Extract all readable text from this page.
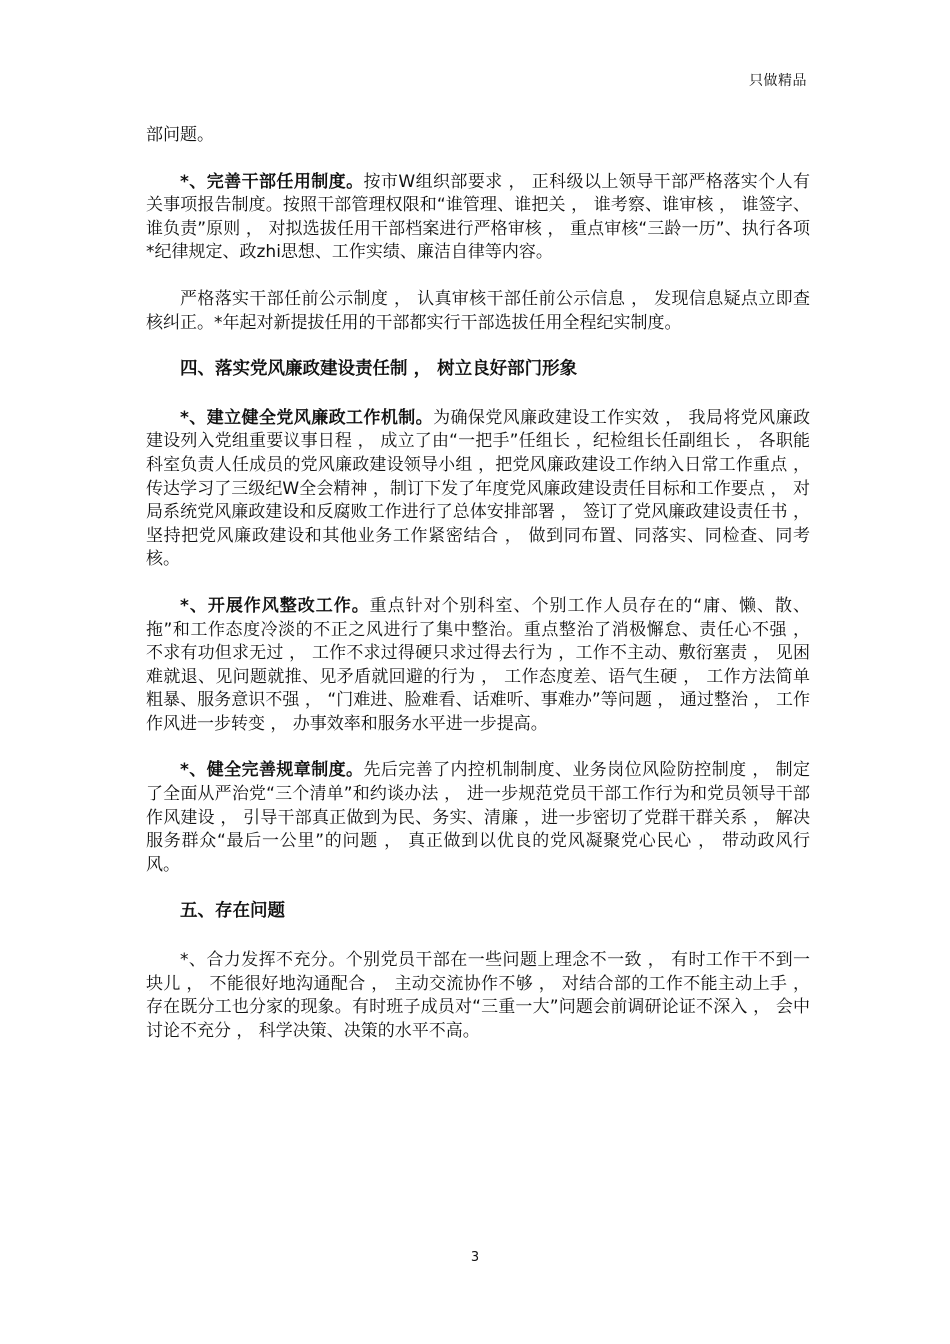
只做精品

部问题。

*、完善干部任用制度。按市W组织部要求 ， 正科级以上领导干部严格落实个人有关事项报告制度。按照干部管理权限和“谁管理、谁把关 ， 谁考察、谁审核 ， 谁签字、谁负责”原则 ， 对拟选拔任用干部档案进行严格审核 ， 重点审核“三龄一历”、执行各项*纪律规定、政zhi思想、工作实绩、廉洁自律等内容。

严格落实干部任前公示制度 ， 认真审核干部任前公示信息 ， 发现信息疑点立即查核纠正。*年起对新提拔任用的干部都实行干部选拔任用全程纪实制度。

四、落实党风廉政建设责任制 ， 树立良好部门形象

*、建立健全党风廉政工作机制。为确保党风廉政建设工作实效 ， 我局将党风廉政建设列入党组重要议事日程 ， 成立了由“一把手”任组长 ，纪检组长任副组长 ， 各职能科室负责人任成员的党风廉政建设领导小组 ，把党风廉政建设工作纳入日常工作重点 ， 传达学习了三级纪W全会精神 ，制订下发了年度党风廉政建设责任目标和工作要点 ， 对局系统党风廉政建设和反腐败工作进行了总体安排部署 ， 签订了党风廉政建设责任书 ， 坚持把党风廉政建设和其他业务工作紧密结合 ， 做到同布置、同落实、同检查、同考核。

*、开展作风整改工作。重点针对个别科室、个别工作人员存在的“庸、懒、散、拖”和工作态度冷淡的不正之风进行了集中整治。重点整治了消极懈怠、责任心不强 ， 不求有功但求无过 ， 工作不求过得硬只求过得去行为 ，工作不主动、敷衍塞责 ， 见困难就退、见问题就推、见矛盾就回避的行为 ， 工作态度差、语气生硬 ， 工作方法简单粗暴、服务意识不强 ， “门难进、脸难看、话难听、事难办”等问题 ， 通过整治 ， 工作作风进一步转变 ， 办事效率和服务水平进一步提高。

*、健全完善规章制度。先后完善了内控机制制度、业务岗位风险防控制度 ， 制定了全面从严治党“三个清单”和约谈办法 ， 进一步规范党员干部工作行为和党员领导干部作风建设 ， 引导干部真正做到为民、务实、清廉 ，进一步密切了党群干群关系 ， 解决服务群众“最后一公里”的问题 ， 真正做到以优良的党风凝聚党心民心 ， 带动政风行风。

五、存在问题

*、合力发挥不充分。个别党员干部在一些问题上理念不一致 ， 有时工作干不到一块儿 ， 不能很好地沟通配合 ， 主动交流协作不够 ， 对结合部的工作不能主动上手 ， 存在既分工也分家的现象。有时班子成员对“三重一大”问题会前调研论证不深入 ， 会中讨论不充分 ， 科学决策、决策的水平不高。

3
